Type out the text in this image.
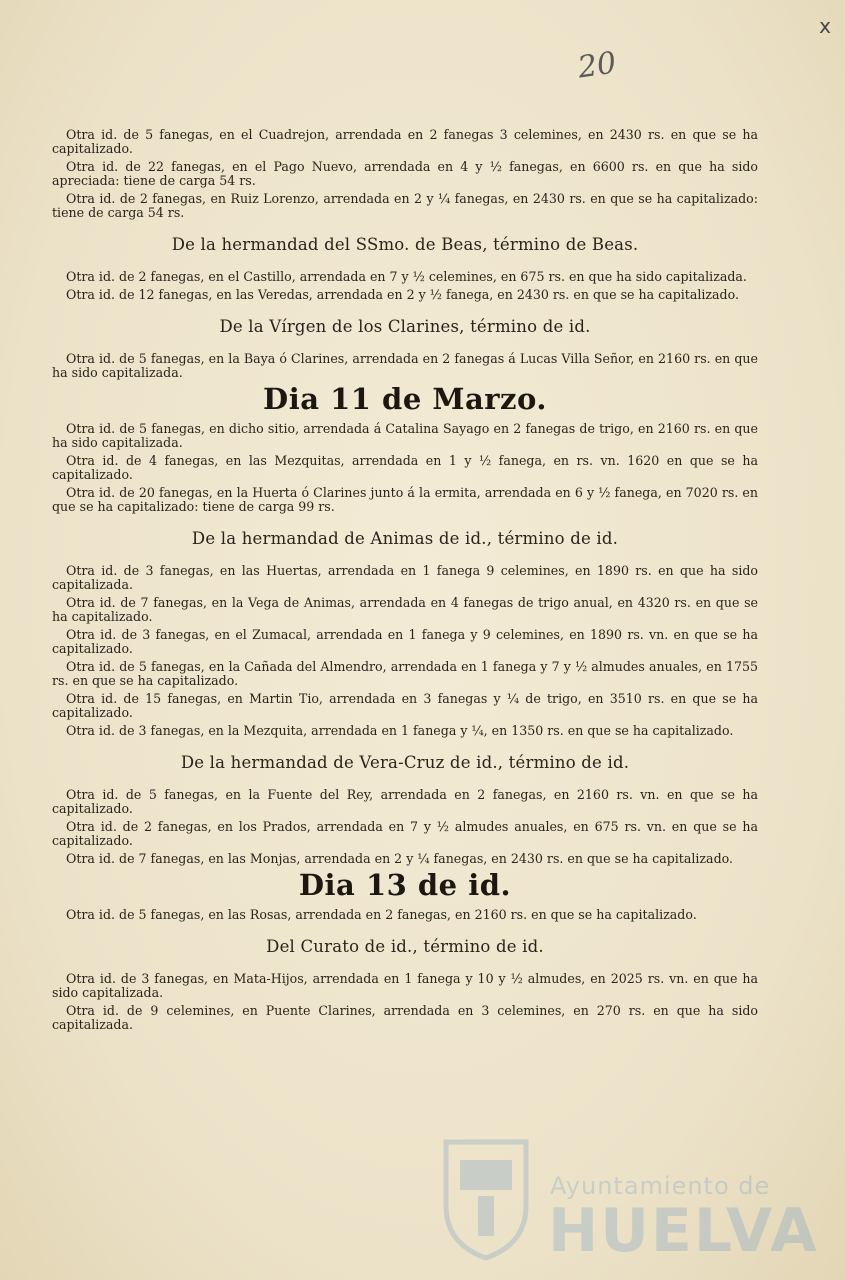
x
20

Otra id. de 5 fanegas, en el Cuadrejon, arrendada en 2 fanegas 3 celemines, en 2430 rs. en que se ha capitalizado.

Otra id. de 22 fanegas, en el Pago Nuevo, arrendada en 4 y ½ fanegas, en 6600 rs. en que ha sido apreciada: tiene de carga 54 rs.

Otra id. de 2 fanegas, en Ruiz Lorenzo, arrendada en 2 y ¼ fanegas, en 2430 rs. en que se ha capitalizado: tiene de carga 54 rs.

De la hermandad del SSmo. de Beas, término de Beas.

Otra id. de 2 fanegas, en el Castillo, arrendada en 7 y ½ celemines, en 675 rs. en que ha sido capitalizada.

Otra id. de 12 fanegas, en las Veredas, arrendada en 2 y ½ fanega, en 2430 rs. en que se ha capitalizado.

De la Vírgen de los Clarines, término de id.

Otra id. de 5 fanegas, en la Baya ó Clarines, arrendada en 2 fanegas á Lucas Villa Señor, en 2160 rs. en que ha sido capitalizada.

Dia 11 de Marzo.

Otra id. de 5 fanegas, en dicho sitio, arrendada á Catalina Sayago en 2 fanegas de trigo, en 2160 rs. en que ha sido capitalizada.

Otra id. de 4 fanegas, en las Mezquitas, arrendada en 1 y ½ fanega, en rs. vn. 1620 en que se ha capitalizado.

Otra id. de 20 fanegas, en la Huerta ó Clarines junto á la ermita, arrendada en 6 y ½ fanega, en 7020 rs. en que se ha capitalizado: tiene de carga 99 rs.

De la hermandad de Animas de id., término de id.

Otra id. de 3 fanegas, en las Huertas, arrendada en 1 fanega 9 celemines, en 1890 rs. en que ha sido capitalizada.

Otra id. de 7 fanegas, en la Vega de Animas, arrendada en 4 fanegas de trigo anual, en 4320 rs. en que se ha capitalizado.

Otra id. de 3 fanegas, en el Zumacal, arrendada en 1 fanega y 9 celemines, en 1890 rs. vn. en que se ha capitalizado.

Otra id. de 5 fanegas, en la Cañada del Almendro, arrendada en 1 fanega y 7 y ½ almudes anuales, en 1755 rs. en que se ha capitalizado.

Otra id. de 15 fanegas, en Martin Tio, arrendada en 3 fanegas y ¼ de trigo, en 3510 rs. en que se ha capitalizado.

Otra id. de 3 fanegas, en la Mezquita, arrendada en 1 fanega y ¼, en 1350 rs. en que se ha capitalizado.

De la hermandad de Vera-Cruz de id., término de id.

Otra id. de 5 fanegas, en la Fuente del Rey, arrendada en 2 fanegas, en 2160 rs. vn. en que se ha capitalizado.

Otra id. de 2 fanegas, en los Prados, arrendada en 7 y ½ almudes anuales, en 675 rs. vn. en que se ha capitalizado.

Otra id. de 7 fanegas, en las Monjas, arrendada en 2 y ¼ fanegas, en 2430 rs. en que se ha capitalizado.

Dia 13 de id.

Otra id. de 5 fanegas, en las Rosas, arrendada en 2 fanegas, en 2160 rs. en que se ha capitalizado.

Del Curato de id., término de id.

Otra id. de 3 fanegas, en Mata-Hijos, arrendada en 1 fanega y 10 y ½ almudes, en 2025 rs. vn. en que ha sido capitalizada.

Otra id. de 9 celemines, en Puente Clarines, arrendada en 3 celemines, en 270 rs. en que ha sido capitalizada.

Ayuntamiento de
HUELVA
